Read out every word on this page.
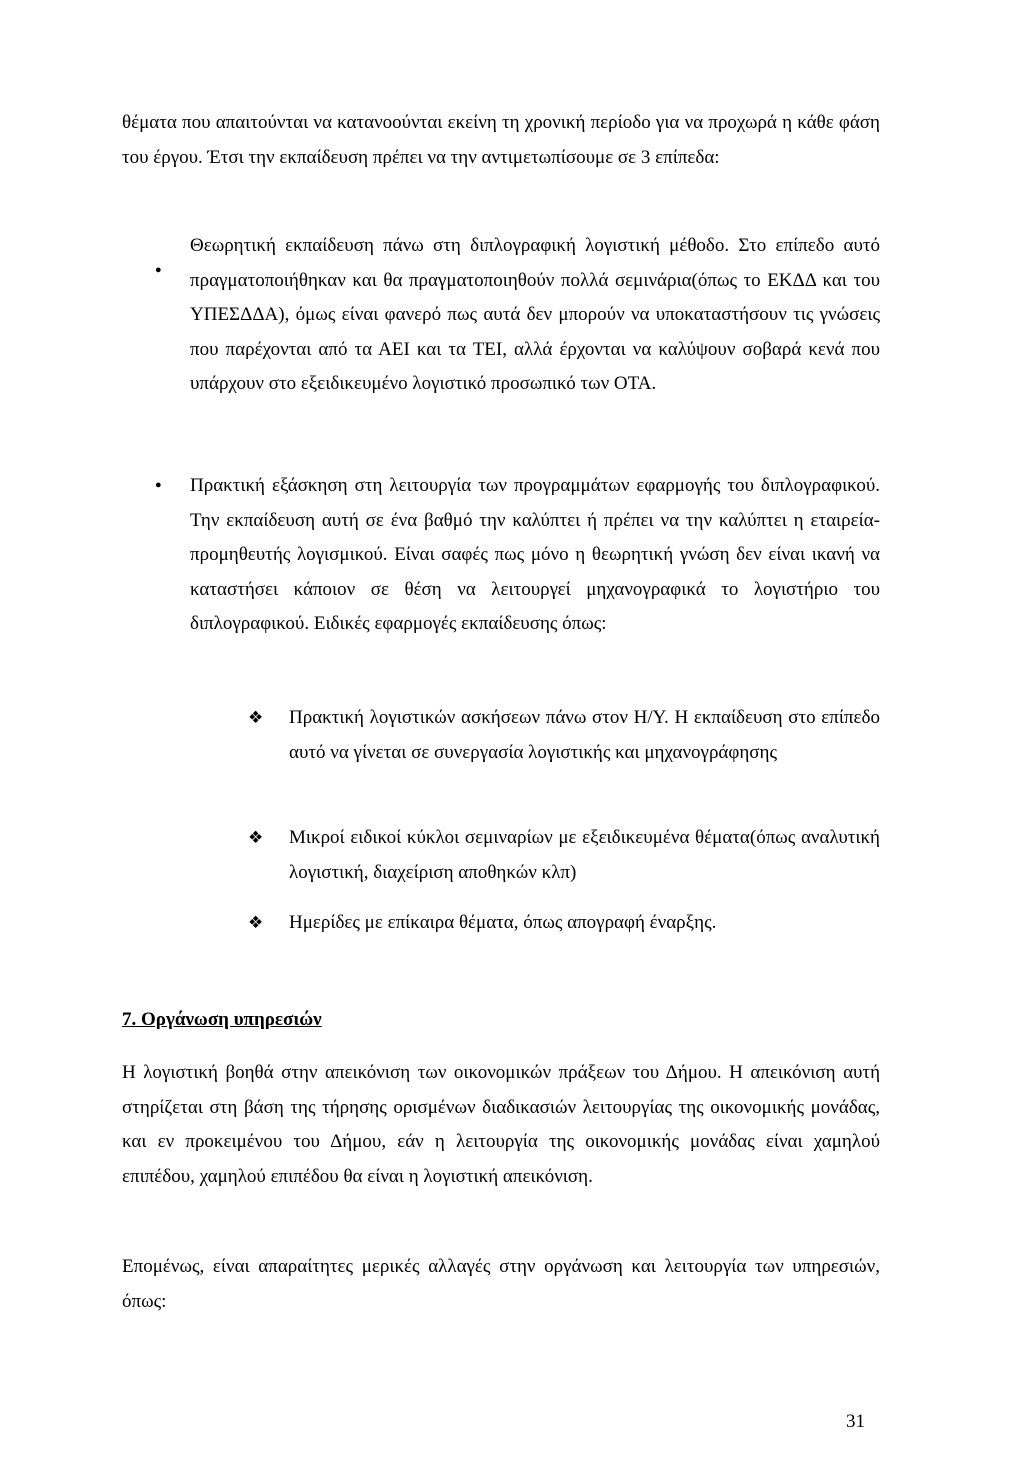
θέματα που απαιτούνται να κατανοούνται εκείνη τη χρονική περίοδο για να προχωρά η κάθε φάση του έργου. Έτσι την εκπαίδευση πρέπει να την αντιμετωπίσουμε σε 3 επίπεδα:

●

Θεωρητική εκπαίδευση πάνω στη διπλογραφική λογιστική μέθοδο. Στο επίπεδο αυτό πραγματοποιήθηκαν και θα πραγματοποιηθούν πολλά σεμινάρια(όπως το ΕΚΔΔ και του ΥΠΕΣΔΔΑ), όμως είναι φανερό πως αυτά δεν μπορούν να υποκαταστήσουν τις γνώσεις που παρέχονται από τα ΑΕΙ και τα ΤΕΙ, αλλά έρχονται να καλύψουν σοβαρά κενά που υπάρχουν στο εξειδικευμένο λογιστικό προσωπικό των ΟΤΑ.

● Πρακτική εξάσκηση στη λειτουργία των προγραμμάτων εφαρμογής του διπλογραφικού. Την εκπαίδευση αυτή σε ένα βαθμό την καλύπτει ή πρέπει να την καλύπτει η εταιρεία-προμηθευτής λογισμικού. Είναι σαφές πως μόνο η θεωρητική γνώση δεν είναι ικανή να καταστήσει κάποιον σε θέση να λειτουργεί μηχανογραφικά το λογιστήριο του διπλογραφικού. Ειδικές εφαρμογές εκπαίδευσης όπως:

❖ Πρακτική λογιστικών ασκήσεων πάνω στον Η/Υ. Η εκπαίδευση στο επίπεδο αυτό να γίνεται σε συνεργασία λογιστικής και μηχανογράφησης

❖ Μικροί ειδικοί κύκλοι σεμιναρίων με εξειδικευμένα θέματα(όπως αναλυτική λογιστική, διαχείριση αποθηκών κλπ)

❖ Ημερίδες με επίκαιρα θέματα, όπως απογραφή έναρξης.

7. Οργάνωση υπηρεσιών

Η λογιστική βοηθά στην απεικόνιση των οικονομικών πράξεων του Δήμου. Η απεικόνιση αυτή στηρίζεται στη βάση της τήρησης ορισμένων διαδικασιών λειτουργίας της οικονομικής μονάδας, και εν προκειμένου του Δήμου, εάν η λειτουργία της οικονομικής μονάδας είναι χαμηλού επιπέδου, χαμηλού επιπέδου θα είναι η λογιστική απεικόνιση.

Επομένως, είναι απαραίτητες μερικές αλλαγές στην οργάνωση και λειτουργία των υπηρεσιών, όπως:

31
